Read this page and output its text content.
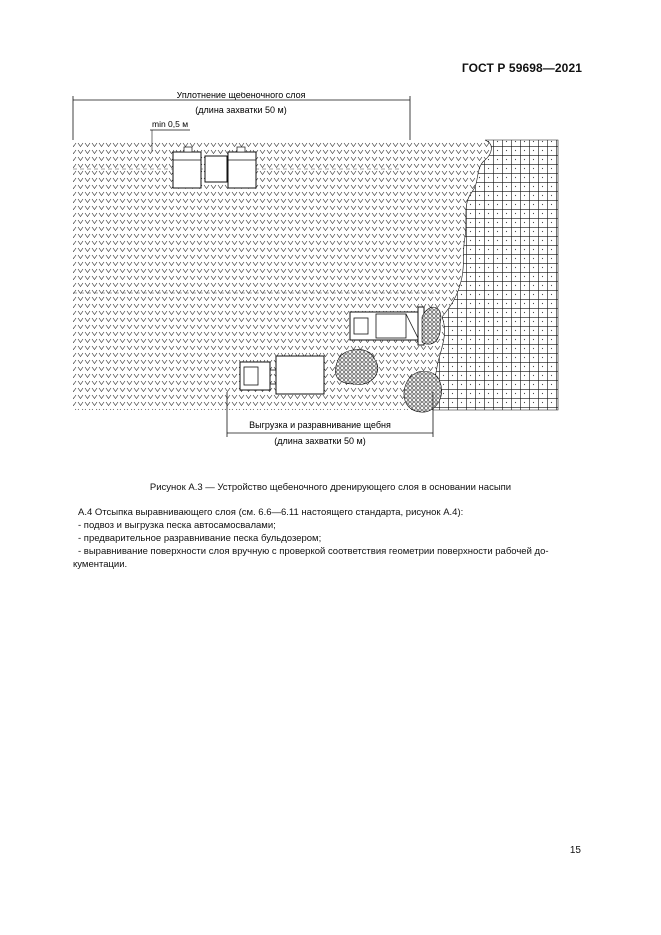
ГОСТ Р 59698—2021
Уплотнение щебеночного слоя
(длина захватки 50 м)
min 0,5 м
Выгрузка и разравнивание щебня
(длина захватки 50 м)
Рисунок А.3 — Устройство щебеночного дренирующего слоя в основании насыпи

А.4 Отсыпка выравнивающего слоя (см. 6.6—6.11 настоящего стандарта, рисунок А.4):

- подвоз и выгрузка песка автосамосвалами;

- предварительное разравнивание песка бульдозером;

- выравнивание поверхности слоя вручную с проверкой соответствия геометрии поверхности рабочей до-

кументации.

15
